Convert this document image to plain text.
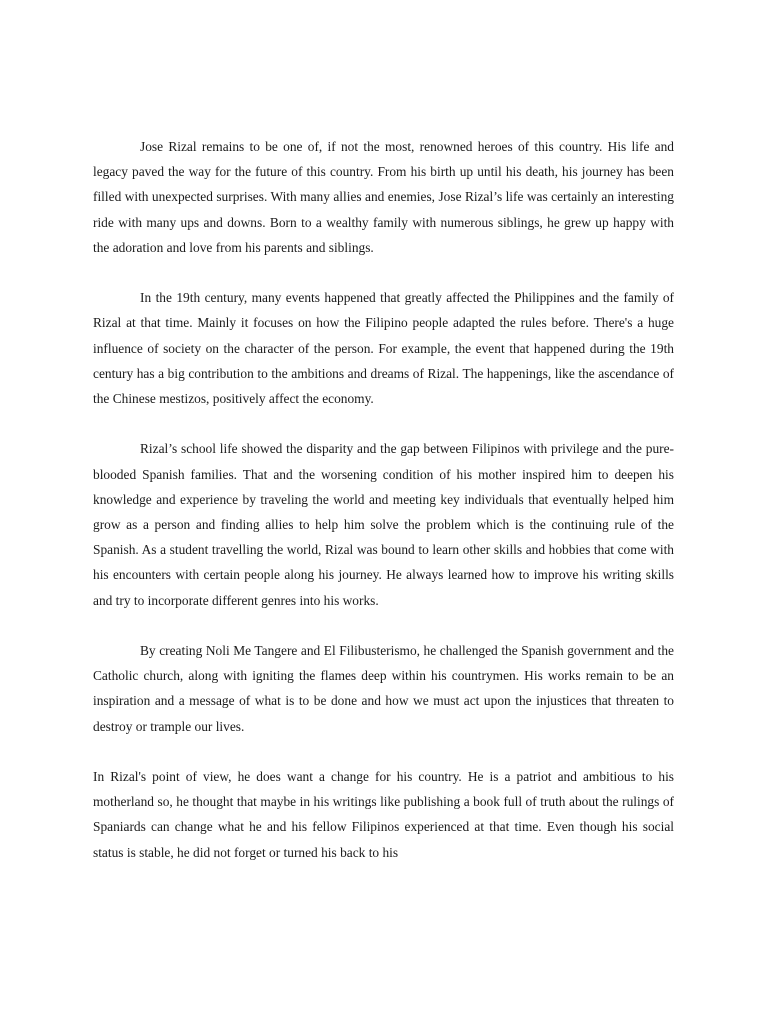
Jose Rizal remains to be one of, if not the most, renowned heroes of this country. His life and legacy paved the way for the future of this country. From his birth up until his death, his journey has been filled with unexpected surprises. With many allies and enemies, Jose Rizal’s life was certainly an interesting ride with many ups and downs. Born to a wealthy family with numerous siblings, he grew up happy with the adoration and love from his parents and siblings.

In the 19th century, many events happened that greatly affected the Philippines and the family of Rizal at that time. Mainly it focuses on how the Filipino people adapted the rules before. There's a huge influence of society on the character of the person. For example, the event that happened during the 19th century has a big contribution to the ambitions and dreams of Rizal. The happenings, like the ascendance of the Chinese mestizos, positively affect the economy.

Rizal’s school life showed the disparity and the gap between Filipinos with privilege and the pure-blooded Spanish families. That and the worsening condition of his mother inspired him to deepen his knowledge and experience by traveling the world and meeting key individuals that eventually helped him grow as a person and finding allies to help him solve the problem which is the continuing rule of the Spanish. As a student travelling the world, Rizal was bound to learn other skills and hobbies that come with his encounters with certain people along his journey. He always learned how to improve his writing skills and try to incorporate different genres into his works.

By creating Noli Me Tangere and El Filibusterismo, he challenged the Spanish government and the Catholic church, along with igniting the flames deep within his countrymen. His works remain to be an inspiration and a message of what is to be done and how we must act upon the injustices that threaten to destroy or trample our lives.

In Rizal's point of view, he does want a change for his country. He is a patriot and ambitious to his motherland so, he thought that maybe in his writings like publishing a book full of truth about the rulings of Spaniards can change what he and his fellow Filipinos experienced at that time. Even though his social status is stable, he did not forget or turned his back to his
